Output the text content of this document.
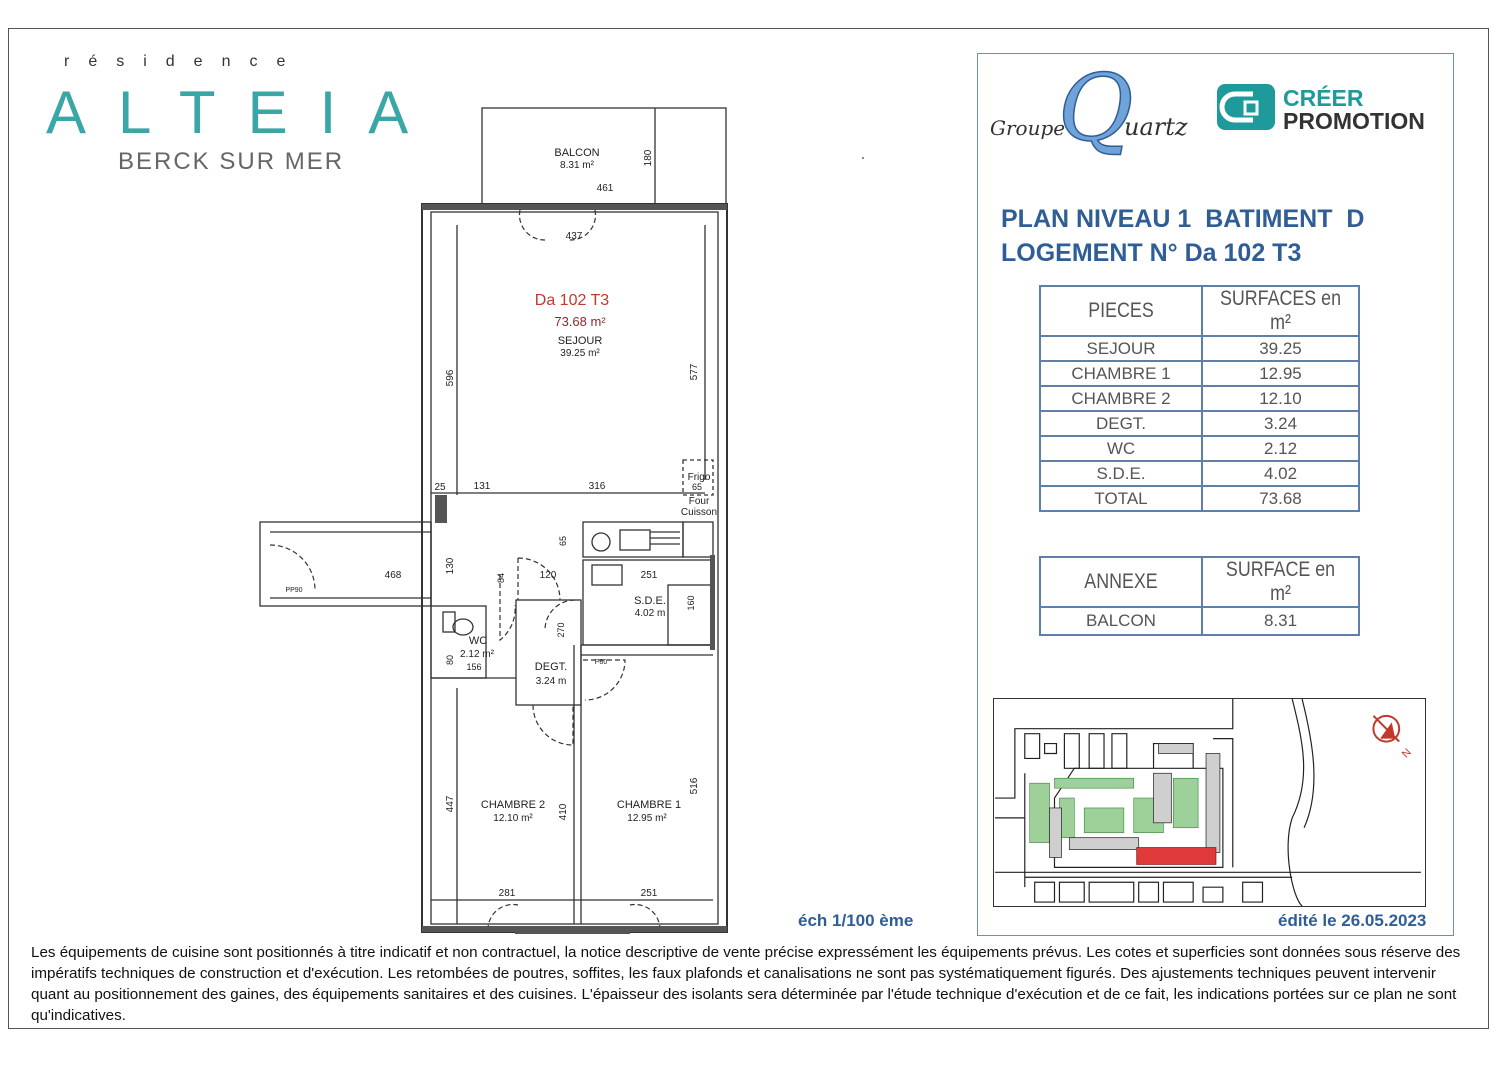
résidence
ALTEIA
BERCK SUR MER	BALCON
8.31 m²
461
180
437
Da 102 T3
73.68 m²
SEJOUR
39.25 m²
596	577
25	131	316
Frigo
65
Four
Cuisson
65
468
130
84	120	251
PP90
S.D.E.
4.02 m
160
270
WC
2.12 m²
156
80
DEGT.
3.24 m
P80
447	410
516
CHAMBRE 2
12.10 m²
CHAMBRE 1
12.95 m²
281	251
éch 1/100 ème	édité le 26.05.2023
Groupe
Q
uartz
CRÉER
PROMOTION
PLAN NIVEAU 1  BATIMENT  D
LOGEMENT N° Da 102 T3
PIECES	SURFACES en m²
SEJOUR	39.25
CHAMBRE 1	12.95
CHAMBRE 2	12.10
DEGT.	3.24
WC	2.12
S.D.E.	4.02
TOTAL	73.68
ANNEXE	SURFACE en m²
BALCON	8.31
N
Les équipements de cuisine sont positionnés à titre indicatif et non contractuel, la notice descriptive de vente précise expressément les équipements prévus. Les cotes et superficies sont données sous réserve des impératifs techniques de construction et d'exécution. Les retombées de poutres, soffites, les faux plafonds et canalisations ne sont pas systématiquement figurés. Des ajustements techniques peuvent intervenir quant au positionnement des gaines, des équipements sanitaires et des cuisines. L'épaisseur des isolants sera déterminée par l'étude technique d'exécution et de ce fait, les indications portées sur ce plan ne sont qu'indicatives.
